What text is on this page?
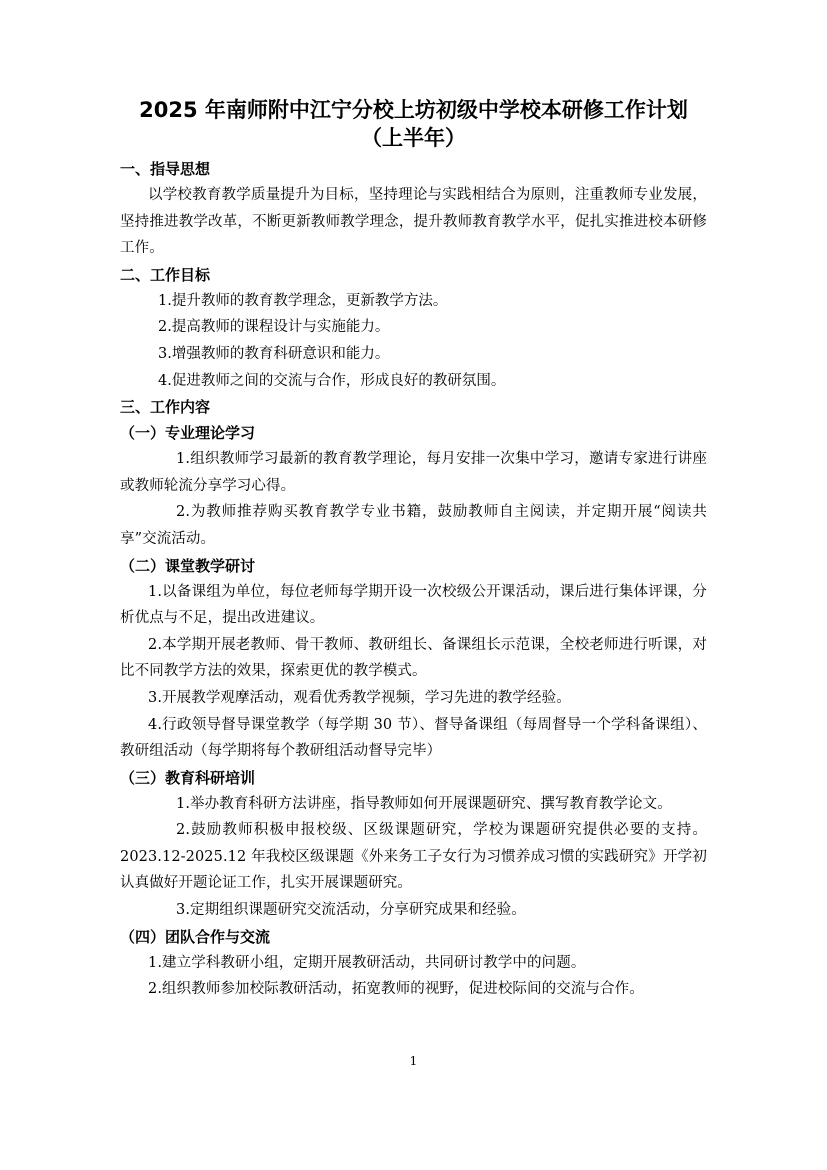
2025 年南师附中江宁分校上坊初级中学校本研修工作计划
（上半年）
一、指导思想

以学校教育教学质量提升为目标，坚持理论与实践相结合为原则，注重教师专业发展，坚持推进教学改革，不断更新教师教学理念，提升教师教育教学水平，促扎实推进校本研修工作。

二、工作目标
1.提升教师的教育教学理念，更新教学方法。
2.提高教师的课程设计与实施能力。
3.增强教师的教育科研意识和能力。
4.促进教师之间的交流与合作，形成良好的教研氛围。
三、工作内容
（一）专业理论学习

1.组织教师学习最新的教育教学理论，每月安排一次集中学习，邀请专家进行讲座或教师轮流分享学习心得。

2.为教师推荐购买教育教学专业书籍，鼓励教师自主阅读，并定期开展“阅读共享”交流活动。

（二）课堂教学研讨

1.以备课组为单位，每位老师每学期开设一次校级公开课活动，课后进行集体评课，分析优点与不足，提出改进建议。

2.本学期开展老教师、骨干教师、教研组长、备课组长示范课，全校老师进行听课，对比不同教学方法的效果，探索更优的教学模式。

3.开展教学观摩活动，观看优秀教学视频，学习先进的教学经验。

4.行政领导督导课堂教学（每学期 30 节）、督导备课组（每周督导一个学科备课组）、教研组活动（每学期将每个教研组活动督导完毕）

（三）教育科研培训

1.举办教育科研方法讲座，指导教师如何开展课题研究、撰写教育教学论文。

2.鼓励教师积极申报校级、区级课题研究，学校为课题研究提供必要的支持。2023.12-2025.12 年我校区级课题《外来务工子女行为习惯养成习惯的实践研究》开学初认真做好开题论证工作，扎实开展课题研究。

3.定期组织课题研究交流活动，分享研究成果和经验。

（四）团队合作与交流

1.建立学科教研小组，定期开展教研活动，共同研讨教学中的问题。

2.组织教师参加校际教研活动，拓宽教师的视野，促进校际间的交流与合作。

1
